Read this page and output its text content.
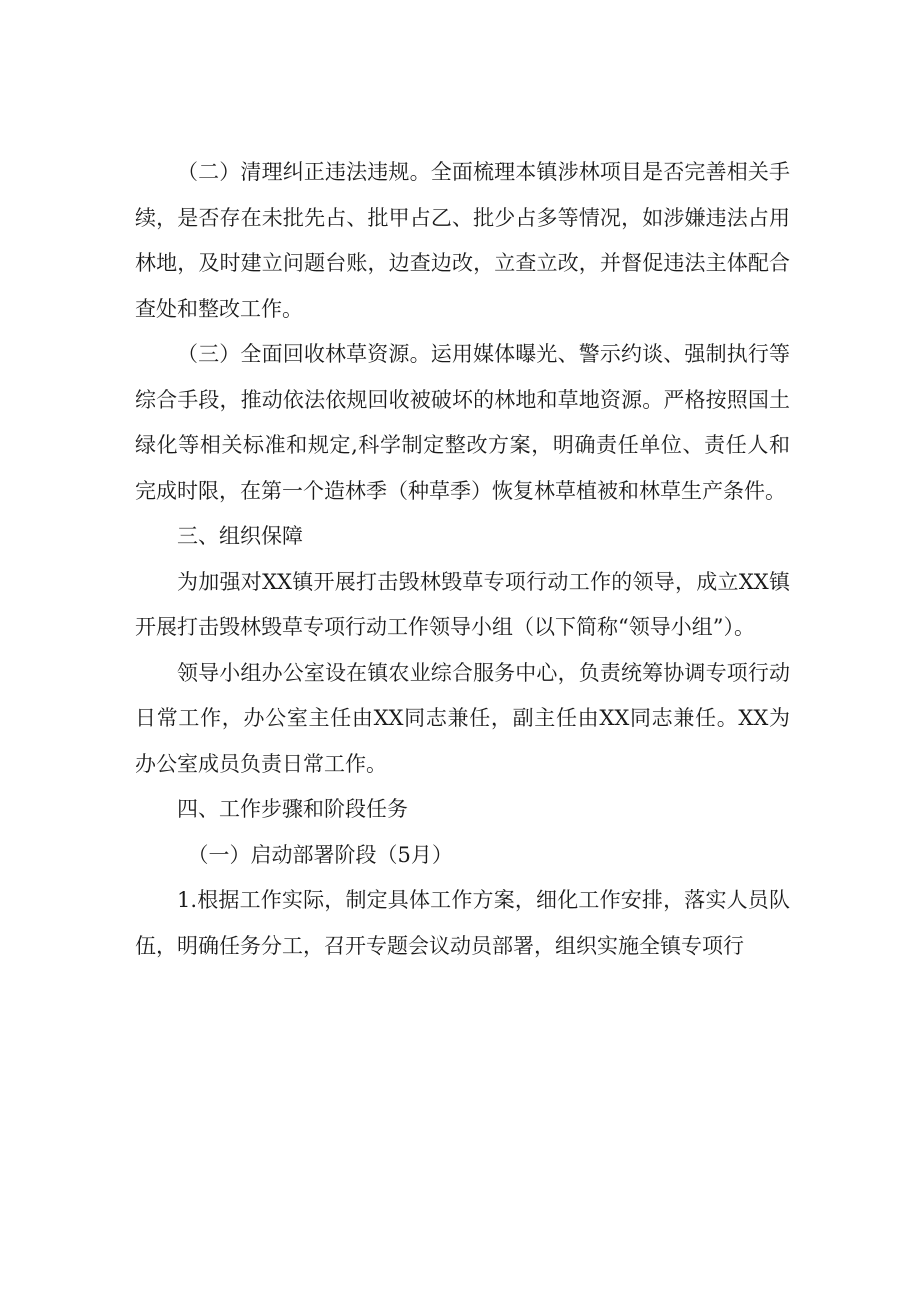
（二）清理纠正违法违规。全面梳理本镇涉林项目是否完善相关手续，是否存在未批先占、批甲占乙、批少占多等情况，如涉嫌违法占用林地，及时建立问题台账，边查边改，立查立改，并督促违法主体配合查处和整改工作。

（三）全面回收林草资源。运用媒体曝光、警示约谈、强制执行等综合手段，推动依法依规回收被破坏的林地和草地资源。严格按照国土绿化等相关标准和规定,科学制定整改方案，明确责任单位、责任人和完成时限，在第一个造林季（种草季）恢复林草植被和林草生产条件。

三、组织保障

为加强对XX镇开展打击毁林毁草专项行动工作的领导，成立XX镇开展打击毁林毁草专项行动工作领导小组（以下简称“领导小组”）。

领导小组办公室设在镇农业综合服务中心，负责统筹协调专项行动日常工作，办公室主任由XX同志兼任，副主任由XX同志兼任。XX为办公室成员负责日常工作。

四、工作步骤和阶段任务

（一）启动部署阶段（5月）

1.根据工作实际，制定具体工作方案，细化工作安排，落实人员队伍，明确任务分工，召开专题会议动员部署，组织实施全镇专项行
